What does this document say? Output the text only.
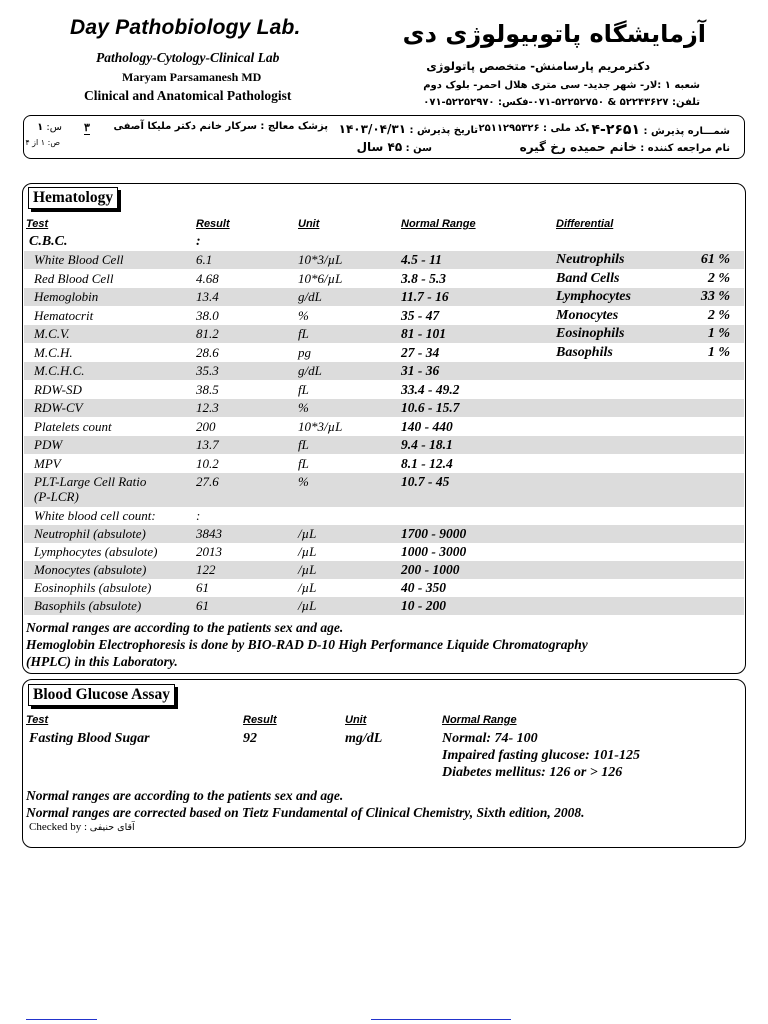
Day Pathobiology Lab.
Pathology-Cytology-Clinical Lab
Maryam Parsamanesh MD
Clinical and Anatomical Pathologist
آزمایشگاه پاتوبیولوژی دی
دکترمریم پارسامنش- متخصص پاتولوژی
شعبه ۱ :لار- شهر جدید- سی متری هلال احمر- بلوک دوم
تلفن: ۵۲۲۴۳۶۲۷ & ۵۲۲۵۲۷۵۰-۰۷۱-فکس: ۵۲۲۵۲۹۷۰-۰۷۱
شمـــاره پذیرش : ۲۶۵۱-۰۴
کد ملی : ۲۵۱۱۲۹۵۳۲۶
تاریخ پذیرش : ۱۴۰۳/۰۴/۳۱
پزشک معالج : سرکار خانم دکتر ملیکا آصفی
۳
س: ۱
ص: ۱ از ۴
نام مراجعه کننده : خانم حمیده رخ گیره
سن : ۴۵ سال
Hematology
Test	Result	Unit	Normal Range	Differential
C.B.C.	:
White Blood Cell	6.1	10*3/µL	4.5 - 11	Neutrophils	61 %
Red Blood Cell	4.68	10*6/µL	3.8 - 5.3	Band Cells	2 %
Hemoglobin	13.4	g/dL	11.7 - 16	Lymphocytes	33 %
Hematocrit	38.0	%	35 - 47	Monocytes	2 %
M.C.V.	81.2	fL	81 - 101	Eosinophils	1 %
M.C.H.	28.6	pg	27 - 34	Basophils	1 %
M.C.H.C.	35.3	g/dL	31 - 36
RDW-SD	38.5	fL	33.4 - 49.2
RDW-CV	12.3	%	10.6 - 15.7
Platelets count	200	10*3/µL	140 - 440
PDW	13.7	fL	9.4 - 18.1
MPV	10.2	fL	8.1 - 12.4
PLT-Large Cell Ratio
(P-LCR)
27.6	%	10.7 - 45
White blood cell count:	:
Neutrophil (absulote)	3843	/µL	1700 - 9000
Lymphocytes (absulote)	2013	/µL	1000 - 3000
Monocytes (absulote)	122	/µL	200 - 1000
Eosinophils (absulote)	61	/µL	40 - 350
Basophils (absulote)	61	/µL	10 - 200
Normal ranges are according to the patients sex and age.
Hemoglobin Electrophoresis is done by BIO-RAD D-10 High Performance Liquide Chromatography
(HPLC) in this Laboratory.
Blood Glucose Assay
Test	Result	Unit	Normal Range
Fasting Blood Sugar	92	mg/dL	Normal: 74- 100
Impaired fasting glucose: 101-125
Diabetes mellitus: 126 or > 126
Normal ranges are according to the patients sex and age.
Normal ranges are corrected based on Tietz Fundamental of Clinical Chemistry, Sixth edition, 2008.
Checked by : آقای حنیفی
